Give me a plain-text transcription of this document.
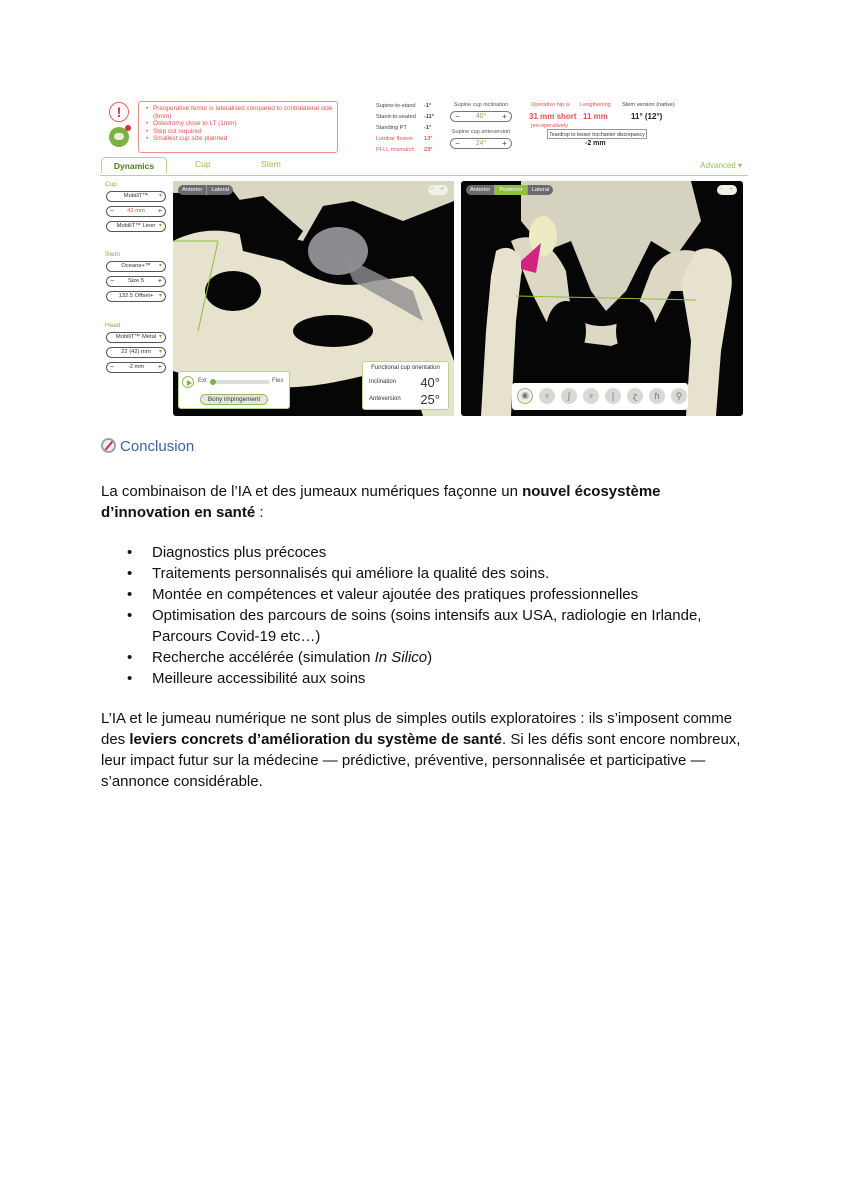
!	• Preoperative femur is lateralised compared to contralateral side (8mm)
• Osteotomy close to LT (1mm)
• Step cut required
• Smallest cup size planned
Supine-to-stand -1°
Stand-to-seated -11°
Standing PT	-1°
Lumbar flexion 13°
PI-LL mismatch 23°
Supine cup inclination
−	40°	+
Supine cup anteversion
−	24°	+
Operative hip is
31 mm short
pre-operatively
Lengthening
11 mm
Stem version (native)
11° (12°)
Teardrop to lesser trochanter discrepancy
-2 mm
Dynamics	Cup	Stem	Advanced ▾
Cup
MobiliT™ ▾
− 42 mm +
MobiliT™ Liner ▾
Stem
Oceane+™ ▾
− Size 5 +
132.5 Offset+ ▾
Head
MobiliT™ Metal ▾
22 (42) mm ▾
− -2 mm +
Anterior	Lateral	− +
Ext	Flex
Bony impingement
Functional cup orientation
Inclination 40°
Anteversion 25°
Anterior	Posterior	Lateral	− +
◉	♆	∫	♆	|	ɀ	ɦ	⚲
Conclusion

La combinaison de l’IA et des jumeaux numériques façonne un nouvel écosystème d’innovation en santé :

• Diagnostics plus précoces
• Traitements personnalisés qui améliore la qualité des soins.
• Montée en compétences et valeur ajoutée des pratiques professionnelles
• Optimisation des parcours de soins (soins intensifs aux USA, radiologie en Irlande, Parcours Covid-19 etc…)
• Recherche accélérée (simulation In Silico)
• Meilleure accessibilité aux soins

L’IA et le jumeau numérique ne sont plus de simples outils exploratoires : ils s’imposent comme des leviers concrets d’amélioration du système de santé. Si les défis sont encore nombreux, leur impact futur sur la médecine — prédictive, préventive, personnalisée et participative — s’annonce considérable.
